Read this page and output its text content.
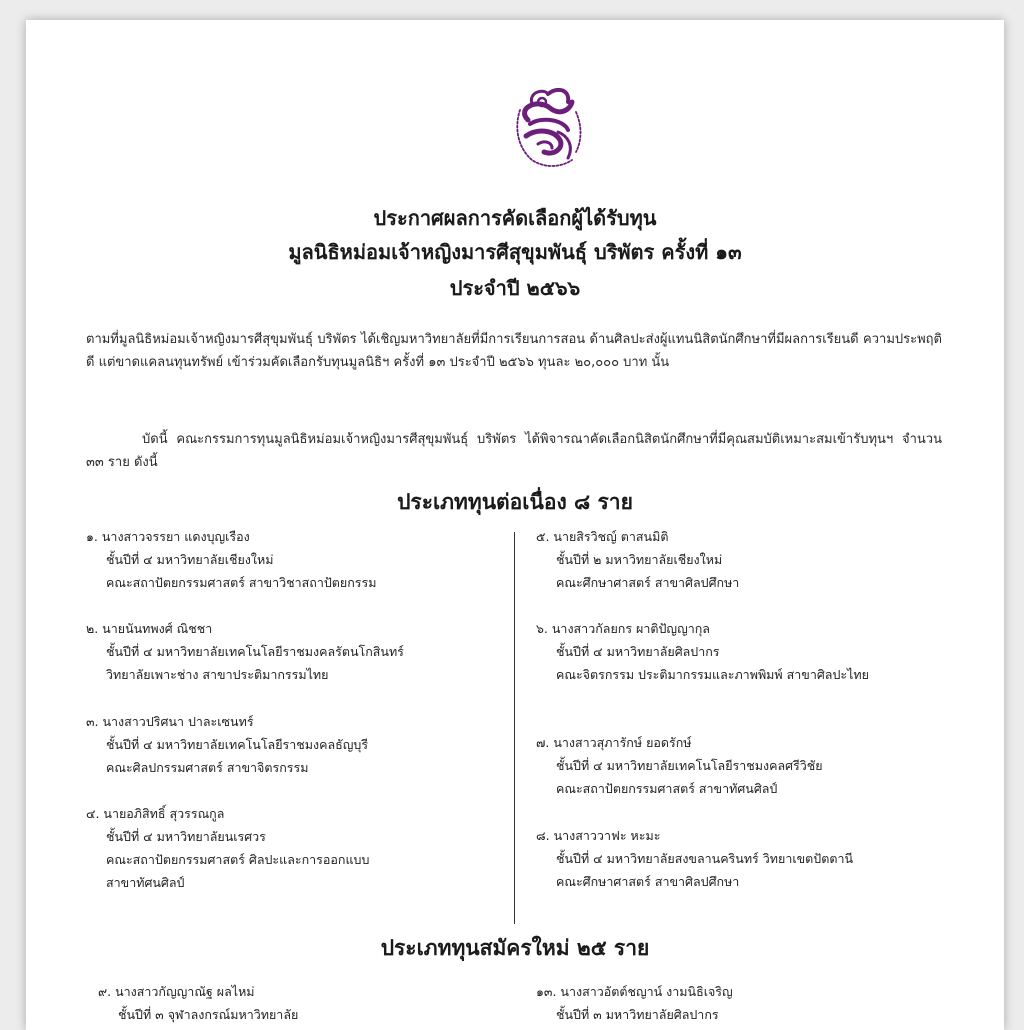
ประกาศผลการคัดเลือกผู้ได้รับทุน
มูลนิธิหม่อมเจ้าหญิงมารศีสุขุมพันธุ์ บริพัตร ครั้งที่ ๑๓
ประจำปี ๒๕๖๖
ตามที่มูลนิธิหม่อมเจ้าหญิงมารศีสุขุมพันธุ์ บริพัตร ได้เชิญมหาวิทยาลัยที่มีการเรียนการสอน ด้านศิลปะส่งผู้แทนนิสิตนักศึกษาที่มีผลการเรียนดี ความประพฤติดี แต่ขาดแคลนทุนทรัพย์ เข้าร่วมคัดเลือกรับทุนมูลนิธิฯ ครั้งที่ ๑๓ ประจำปี ๒๕๖๖ ทุนละ ๒๐,๐๐๐ บาท นั้น
บัดนี้ คณะกรรมการทุนมูลนิธิหม่อมเจ้าหญิงมารศีสุขุมพันธุ์ บริพัตร ได้พิจารณาคัดเลือกนิสิตนักศึกษาที่มีคุณสมบัติเหมาะสมเข้ารับทุนฯ จำนวน ๓๓ ราย ดังนี้
ประเภททุนต่อเนื่อง ๘ ราย
๑. นางสาวจรรยา แดงบุญเรือง
ชั้นปีที่ ๔ มหาวิทยาลัยเชียงใหม่
คณะสถาปัตยกรรมศาสตร์ สาขาวิชาสถาปัตยกรรม
๒. นายนันทพงศ์ ณิชชา
ชั้นปีที่ ๔ มหาวิทยาลัยเทคโนโลยีราชมงคลรัตนโกสินทร์
วิทยาลัยเพาะช่าง สาขาประติมากรรมไทย
๓. นางสาวปริศนา ปาละเซนทร์
ชั้นปีที่ ๔ มหาวิทยาลัยเทคโนโลยีราชมงคลธัญบุรี
คณะศิลปกรรมศาสตร์ สาขาจิตรกรรม
๔. นายอภิสิทธิ์ สุวรรณกูล
ชั้นปีที่ ๔ มหาวิทยาลัยนเรศวร
คณะสถาปัตยกรรมศาสตร์ ศิลปะและการออกแบบ
สาขาทัศนศิลป์
๕. นายสิรวิชญ์ ตาสนมิติ
ชั้นปีที่ ๒ มหาวิทยาลัยเชียงใหม่
คณะศึกษาศาสตร์ สาขาศิลปศึกษา
๖. นางสาวกัลยกร ผาติปัญญากุล
ชั้นปีที่ ๔ มหาวิทยาลัยศิลปากร
คณะจิตรกรรม ประติมากรรมและภาพพิมพ์ สาขาศิลปะไทย
๗. นางสาวสุภารักษ์ ยอดรักษ์
ชั้นปีที่ ๔ มหาวิทยาลัยเทคโนโลยีราชมงคลศรีวิชัย
คณะสถาปัตยกรรมศาสตร์ สาขาทัศนศิลป์
๘. นางสาววาฟะ หะมะ
ชั้นปีที่ ๔ มหาวิทยาลัยสงขลานครินทร์ วิทยาเขตปัตตานี
คณะศึกษาศาสตร์ สาขาศิลปศึกษา
ประเภททุนสมัครใหม่ ๒๕ ราย
๙. นางสาวกัญญาณัฐ ผลไหม่
ชั้นปีที่ ๓ จุฬาลงกรณ์มหาวิทยาลัย
๑๓. นางสาวอัตต์ชญาน์ งามนิธิเจริญ
ชั้นปีที่ ๓ มหาวิทยาลัยศิลปากร
